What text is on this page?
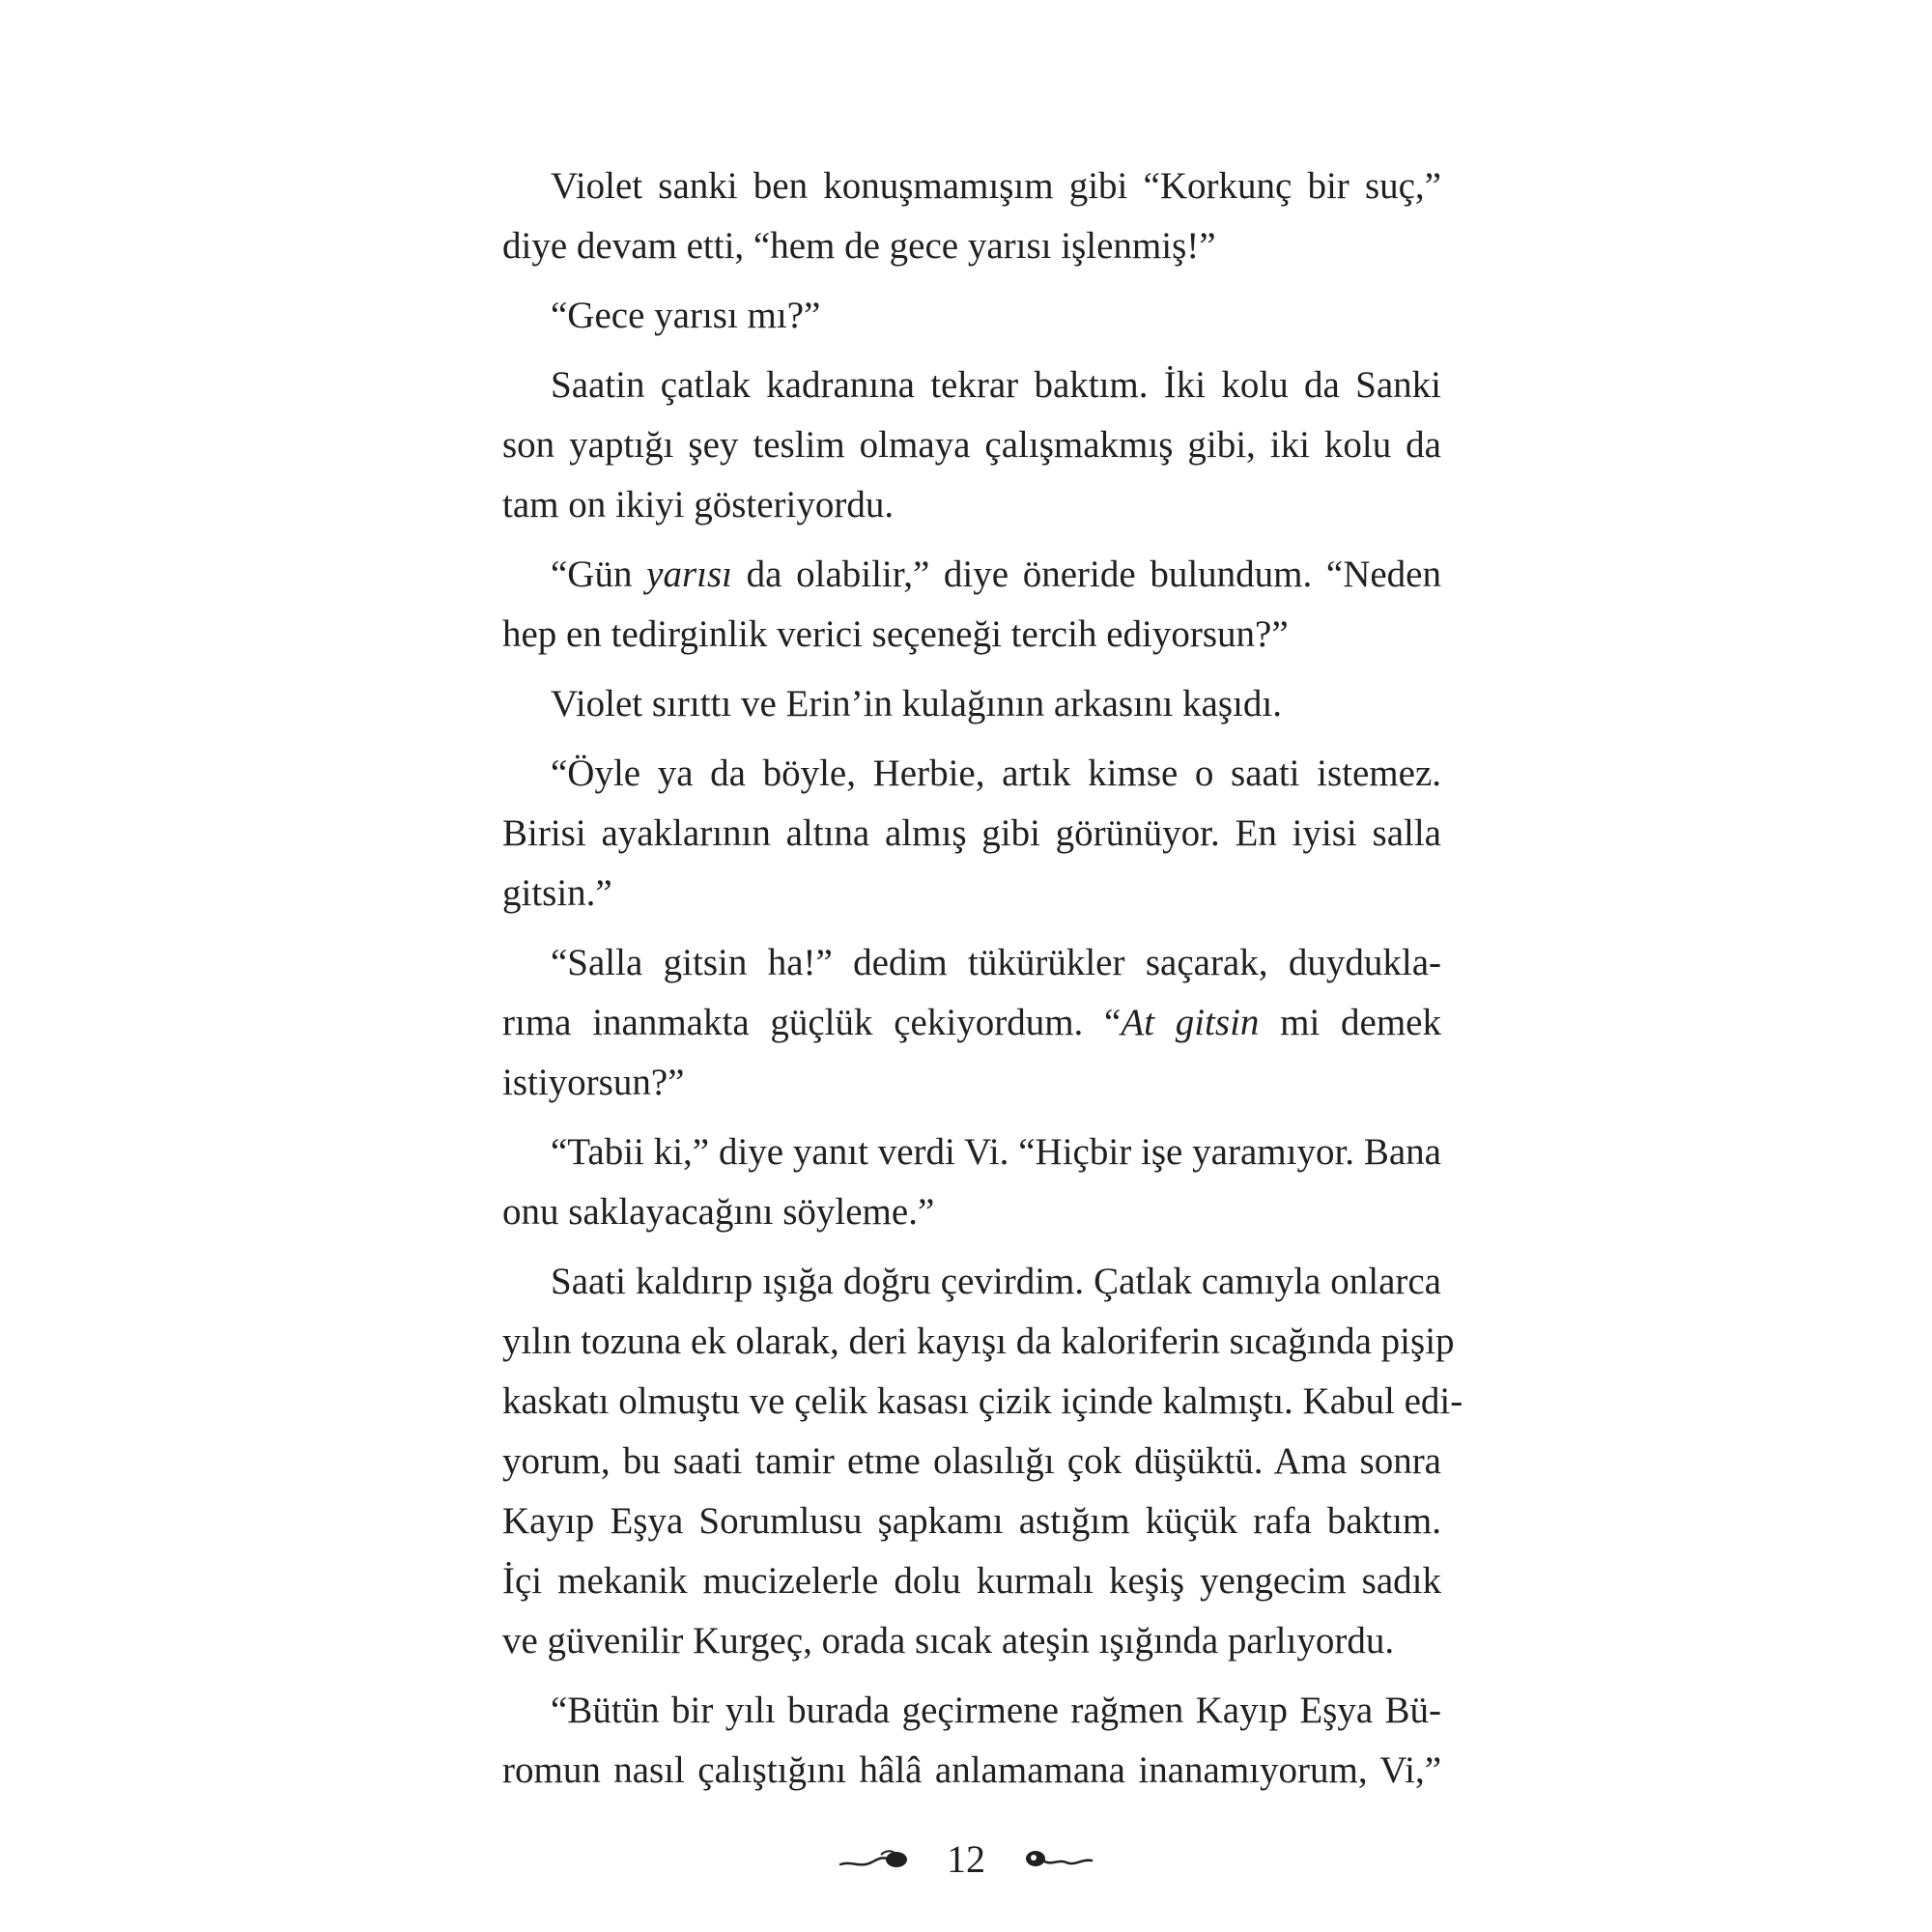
Violet sanki ben konuşmamışım gibi “Korkunç bir suç,”
diye devam etti, “hem de gece yarısı işlenmiş!”
“Gece yarısı mı?”
Saatin çatlak kadranına tekrar baktım. İki kolu da Sanki
son yaptığı şey teslim olmaya çalışmakmış gibi, iki kolu da
tam on ikiyi gösteriyordu.
“Gün yarısı da olabilir,” diye öneride bulundum. “Neden
hep en tedirginlik verici seçeneği tercih ediyorsun?”
Violet sırıttı ve Erin’in kulağının arkasını kaşıdı.
“Öyle ya da böyle, Herbie, artık kimse o saati istemez.
Birisi ayaklarının altına almış gibi görünüyor. En iyisi salla
gitsin.”
“Salla gitsin ha!” dedim tükürükler saçarak, duydukla-
rıma inanmakta güçlük çekiyordum. “At gitsin mi demek
istiyorsun?”
“Tabii ki,” diye yanıt verdi Vi. “Hiçbir işe yaramıyor. Bana
onu saklayacağını söyleme.”
Saati kaldırıp ışığa doğru çevirdim. Çatlak camıyla onlarca
yılın tozuna ek olarak, deri kayışı da kaloriferin sıcağında pişip
kaskatı olmuştu ve çelik kasası çizik içinde kalmıştı. Kabul edi-
yorum, bu saati tamir etme olasılığı çok düşüktü. Ama sonra
Kayıp Eşya Sorumlusu şapkamı astığım küçük rafa baktım.
İçi mekanik mucizelerle dolu kurmalı keşiş yengecim sadık
ve güvenilir Kurgeç, orada sıcak ateşin ışığında parlıyordu.
“Bütün bir yılı burada geçirmene rağmen Kayıp Eşya Bü-
romun nasıl çalıştığını hâlâ anlamamana inanamıyorum, Vi,”
12
